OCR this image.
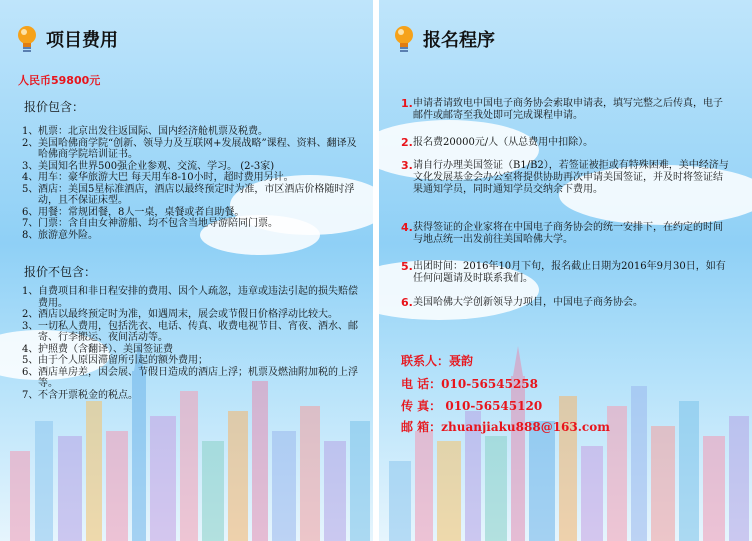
项目费用
人民币59800元
报价包含：
1、 机票：北京出发往返国际、国内经济舱机票及税费。
2、 美国哈佛商学院“创新、领导力及互联网+发展战略”课程、资料、翻译及哈佛商学院培训证书。
3、 美国知名世界500强企业参观、交流、学习。 (2-3家)
4、 用车：豪华旅游大巴 每天用车8-10小时，超时费用另计。
5、 酒店：美国5星标准酒店，酒店以最终预定时为准，市区酒店价格随时浮动，且不保证床型。
6、 用餐：常规团餐，8人一桌，桌餐或者自助餐。
7、 门票：含自由女神游船、均不包含当地导游陪同门票。
8、 旅游意外险。
报价不包含：
1、 自费项目和非日程安排的费用、因个人疏忽，违章或违法引起的损失赔偿费用。
2、 酒店以最终预定时为准，如遇周末，展会或节假日价格浮动比较大。
3、 一切私人费用，包括洗衣、电话、传真、收费电视节目、宵夜、酒水、邮寄、行李搬运、夜间活动等。
4、 护照费（含翻译）、美国签证费
5、 由于个人原因滞留所引起的额外费用；
6、 酒店单房差，因会展、节假日造成的酒店上浮；机票及燃油附加税的上浮等。
7、 不含开票税金的税点。
报名程序
1. 申请者请致电中国电子商务协会索取申请表，填写完整之后传真，电子邮件或邮寄至我处即可完成课程申请。
2. 报名费20000元/人（从总费用中扣除）。
3. 请自行办理美国签证（B1/B2），若签证被拒或有特殊困难，美中经济与文化发展基金会办公室将提供协助再次申请美国签证，并及时将签证结果通知学员，同时通知学员交纳余下费用。
4. 获得签证的企业家将在中国电子商务协会的统一安排下，在约定的时间与地点统一出发前往美国哈佛大学。
5. 出团时间：2016年10月下旬，报名截止日期为2016年9月30日，如有任何问题请及时联系我们。
6. 美国哈佛大学创新领导力项目，中国电子商务协会。
联系人：聂韵
电 话：010-56545258
传 真： 010-56545120
邮 箱：zhuanjiaku888@163.com
